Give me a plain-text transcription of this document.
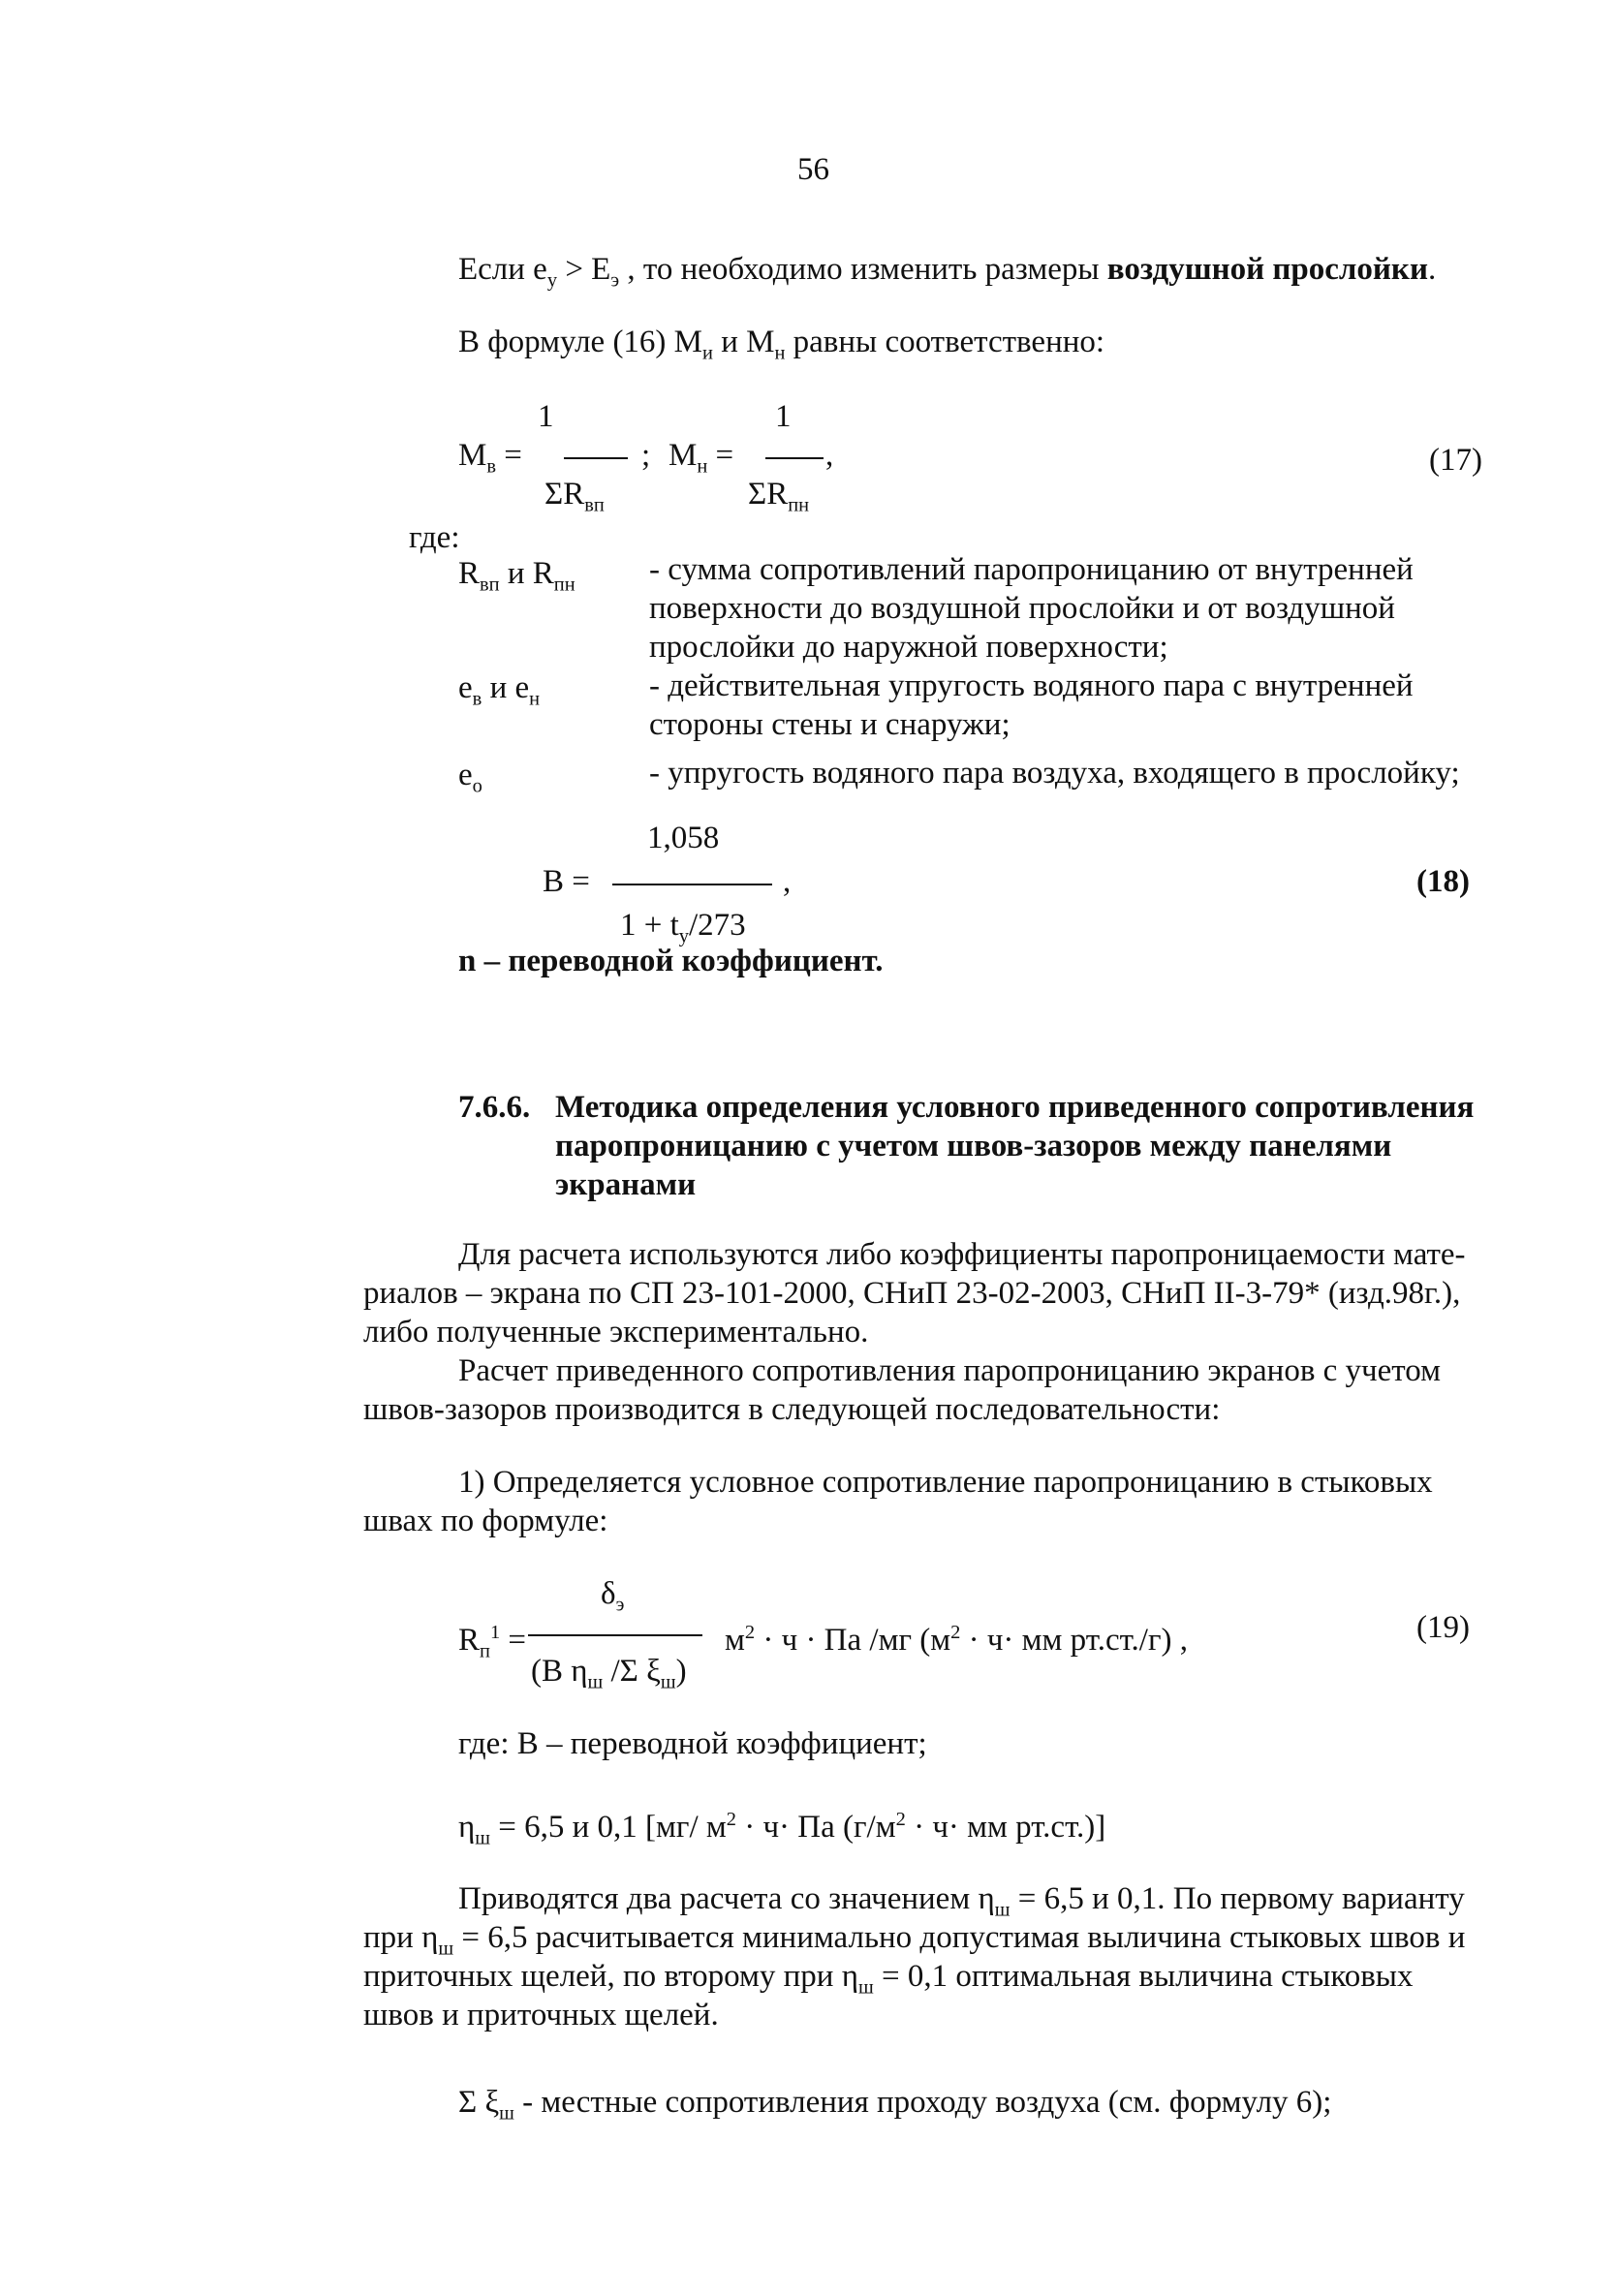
56
Если $е_у > Е_э$ , то необходимо изменить размеры воздушной прослойки.
В формуле (16) $М_и$ и $М_н$ равны соответственно:
1	1
$М_в$ =	; $М_н$ =	,	(17)
$\Sigma R_{вп}$	$\Sigma R_{пн}$
где:
$R_{вп}$ и $R_{пн}$ - сумма сопротивлений паропроницанию от внутренней
поверхности до воздушной прослойки и от воздушной
прослойки до наружной поверхности;
$е_в$ и $е_н$	- действительная упругость водяного пара с внутренней
стороны стены и снаружи;
$е_о$	- упругость водяного пара воздуха, входящего в прослойку;
1,058
B =	,	(18)
$1 + t_у/273$
n – переводной коэффициент.
7.6.6. Методика определения условного приведенного сопротивления
паропроницанию с учетом швов-зазоров между панелями
экранами
Для расчета используются либо коэффициенты паропроницаемости мате-
риалов – экрана по СП 23-101-2000, СНиП 23-02-2003, СНиП II-3-79* (изд.98г.),
либо полученные экспериментально.
Расчет приведенного сопротивления паропроницанию экранов с учетом
швов-зазоров производится в следующей последовательности:
1) Определяется условное сопротивление паропроницанию в стыковых
швах по формуле:
$\delta_э$
$R_п^1$ =	$м^2 \cdot ч$ · Па /мг ($м^2 \cdot ч\cdot$ мм рт.ст./г) ,	(19)
(В $\eta_ш$ /Σ $\xi_ш$)
где: В – переводной коэффициент;
$\eta_ш = 6,5$ и 0,1 [мг/ $м^2 \cdot ч\cdot$ Па ($г/м^2 \cdot ч\cdot$ мм рт.ст.)]
Приводятся два расчета со значением $\eta_ш = 6,5$ и 0,1. По первому варианту
при $\eta_ш = 6,5$ расчитывается минимально допустимая выличина стыковых швов и
приточных щелей, по второму при $\eta_ш = 0,1$ оптимальная выличина стыковых
швов и приточных щелей.
Σ $\xi_ш$ - местные сопротивления проходу воздуха (см. формулу 6);
